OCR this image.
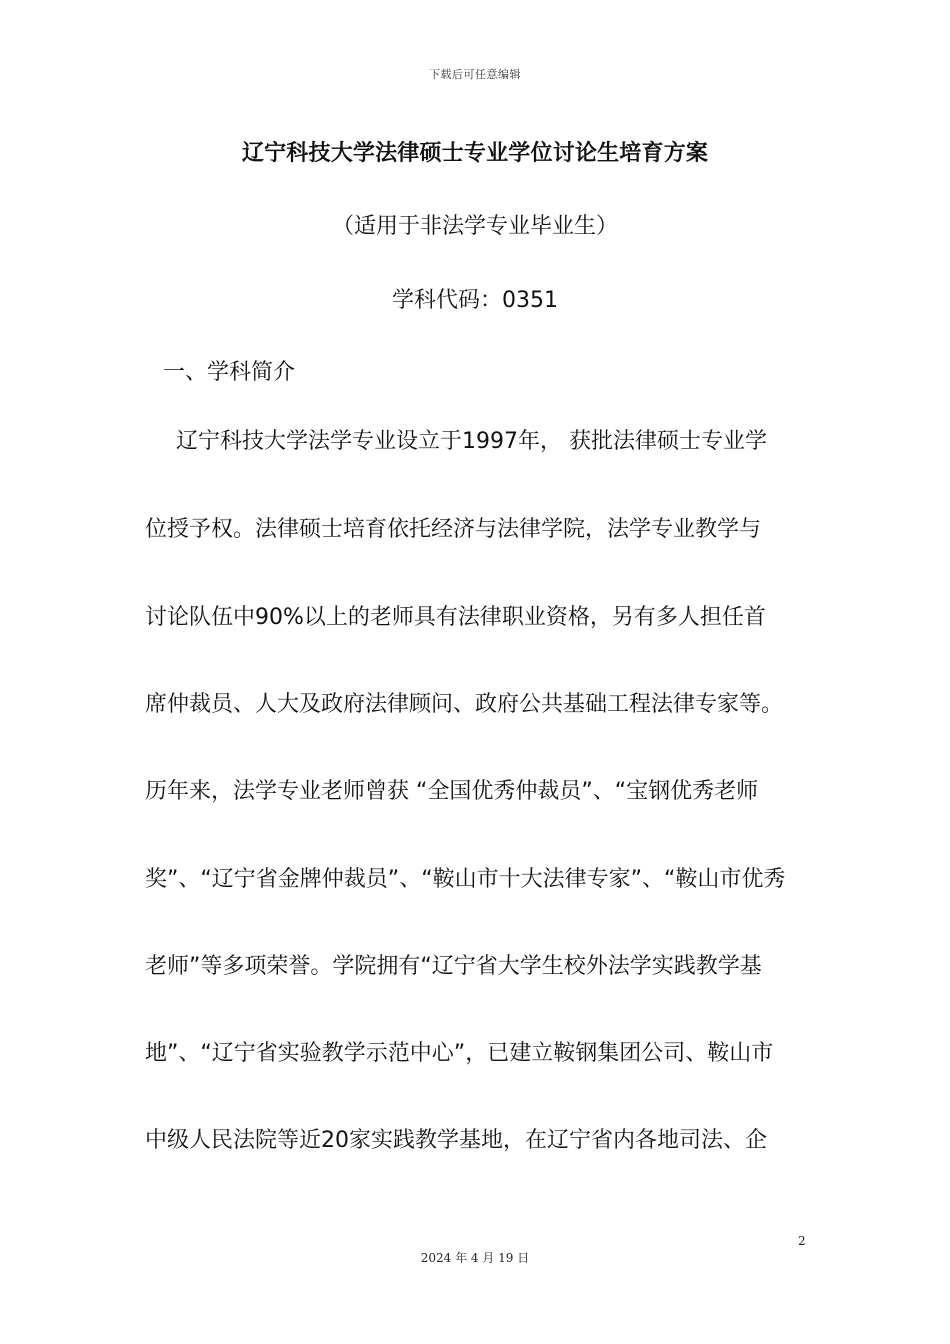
下载后可任意编辑
辽宁科技大学法律硕士专业学位讨论生培育方案
（适用于非法学专业毕业生）
学科代码：0351
一、学科简介
辽宁科技大学法学专业设立于1997年， 获批法律硕士专业学
位授予权。法律硕士培育依托经济与法律学院，法学专业教学与
讨论队伍中90%以上的老师具有法律职业资格，另有多人担任首
席仲裁员、人大及政府法律顾问、政府公共基础工程法律专家等。
历年来，法学专业老师曾获 “全国优秀仲裁员”、“宝钢优秀老师
奖”、“辽宁省金牌仲裁员”、“鞍山市十大法律专家”、“鞍山市优秀
老师”等多项荣誉。学院拥有“辽宁省大学生校外法学实践教学基
地”、“辽宁省实验教学示范中心”，已建立鞍钢集团公司、鞍山市
中级人民法院等近20家实践教学基地，在辽宁省内各地司法、企
2
2024 年 4 月 19 日
